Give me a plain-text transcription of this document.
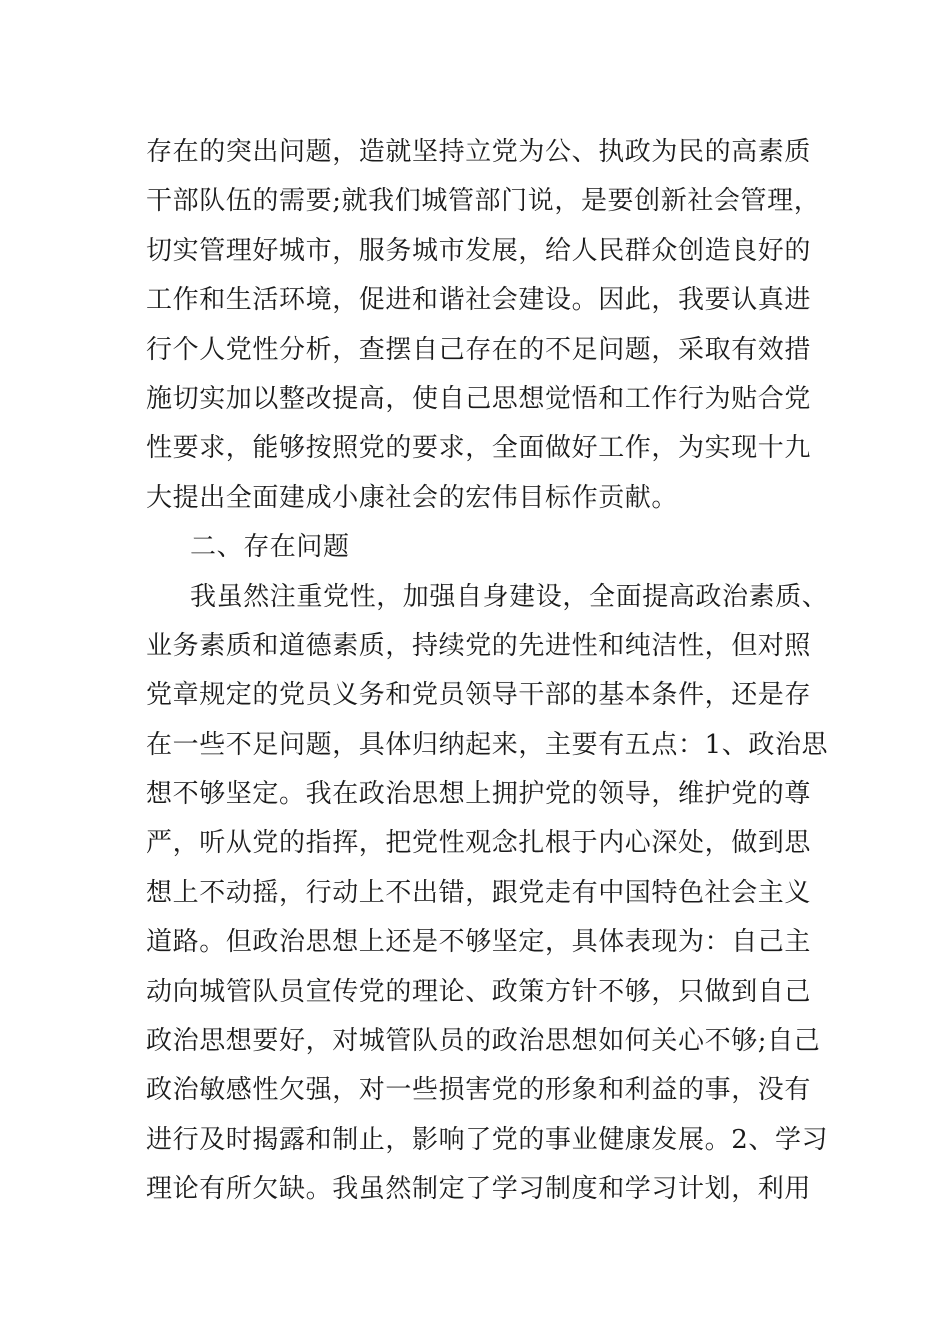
存在的突出问题，造就坚持立党为公、执政为民的高素质
干部队伍的需要;就我们城管部门说，是要创新社会管理，
切实管理好城市，服务城市发展，给人民群众创造良好的
工作和生活环境，促进和谐社会建设。因此，我要认真进
行个人党性分析，查摆自己存在的不足问题，采取有效措
施切实加以整改提高，使自己思想觉悟和工作行为贴合党
性要求，能够按照党的要求，全面做好工作，为实现十九
大提出全面建成小康社会的宏伟目标作贡献。
二、存在问题
我虽然注重党性，加强自身建设，全面提高政治素质、
业务素质和道德素质，持续党的先进性和纯洁性，但对照
党章规定的党员义务和党员领导干部的基本条件，还是存
在一些不足问题，具体归纳起来，主要有五点：1、政治思
想不够坚定。我在政治思想上拥护党的领导，维护党的尊
严，听从党的指挥，把党性观念扎根于内心深处，做到思
想上不动摇，行动上不出错，跟党走有中国特色社会主义
道路。但政治思想上还是不够坚定，具体表现为：自己主
动向城管队员宣传党的理论、政策方针不够，只做到自己
政治思想要好，对城管队员的政治思想如何关心不够;自己
政治敏感性欠强，对一些损害党的形象和利益的事，没有
进行及时揭露和制止，影响了党的事业健康发展。2、学习
理论有所欠缺。我虽然制定了学习制度和学习计划，利用
